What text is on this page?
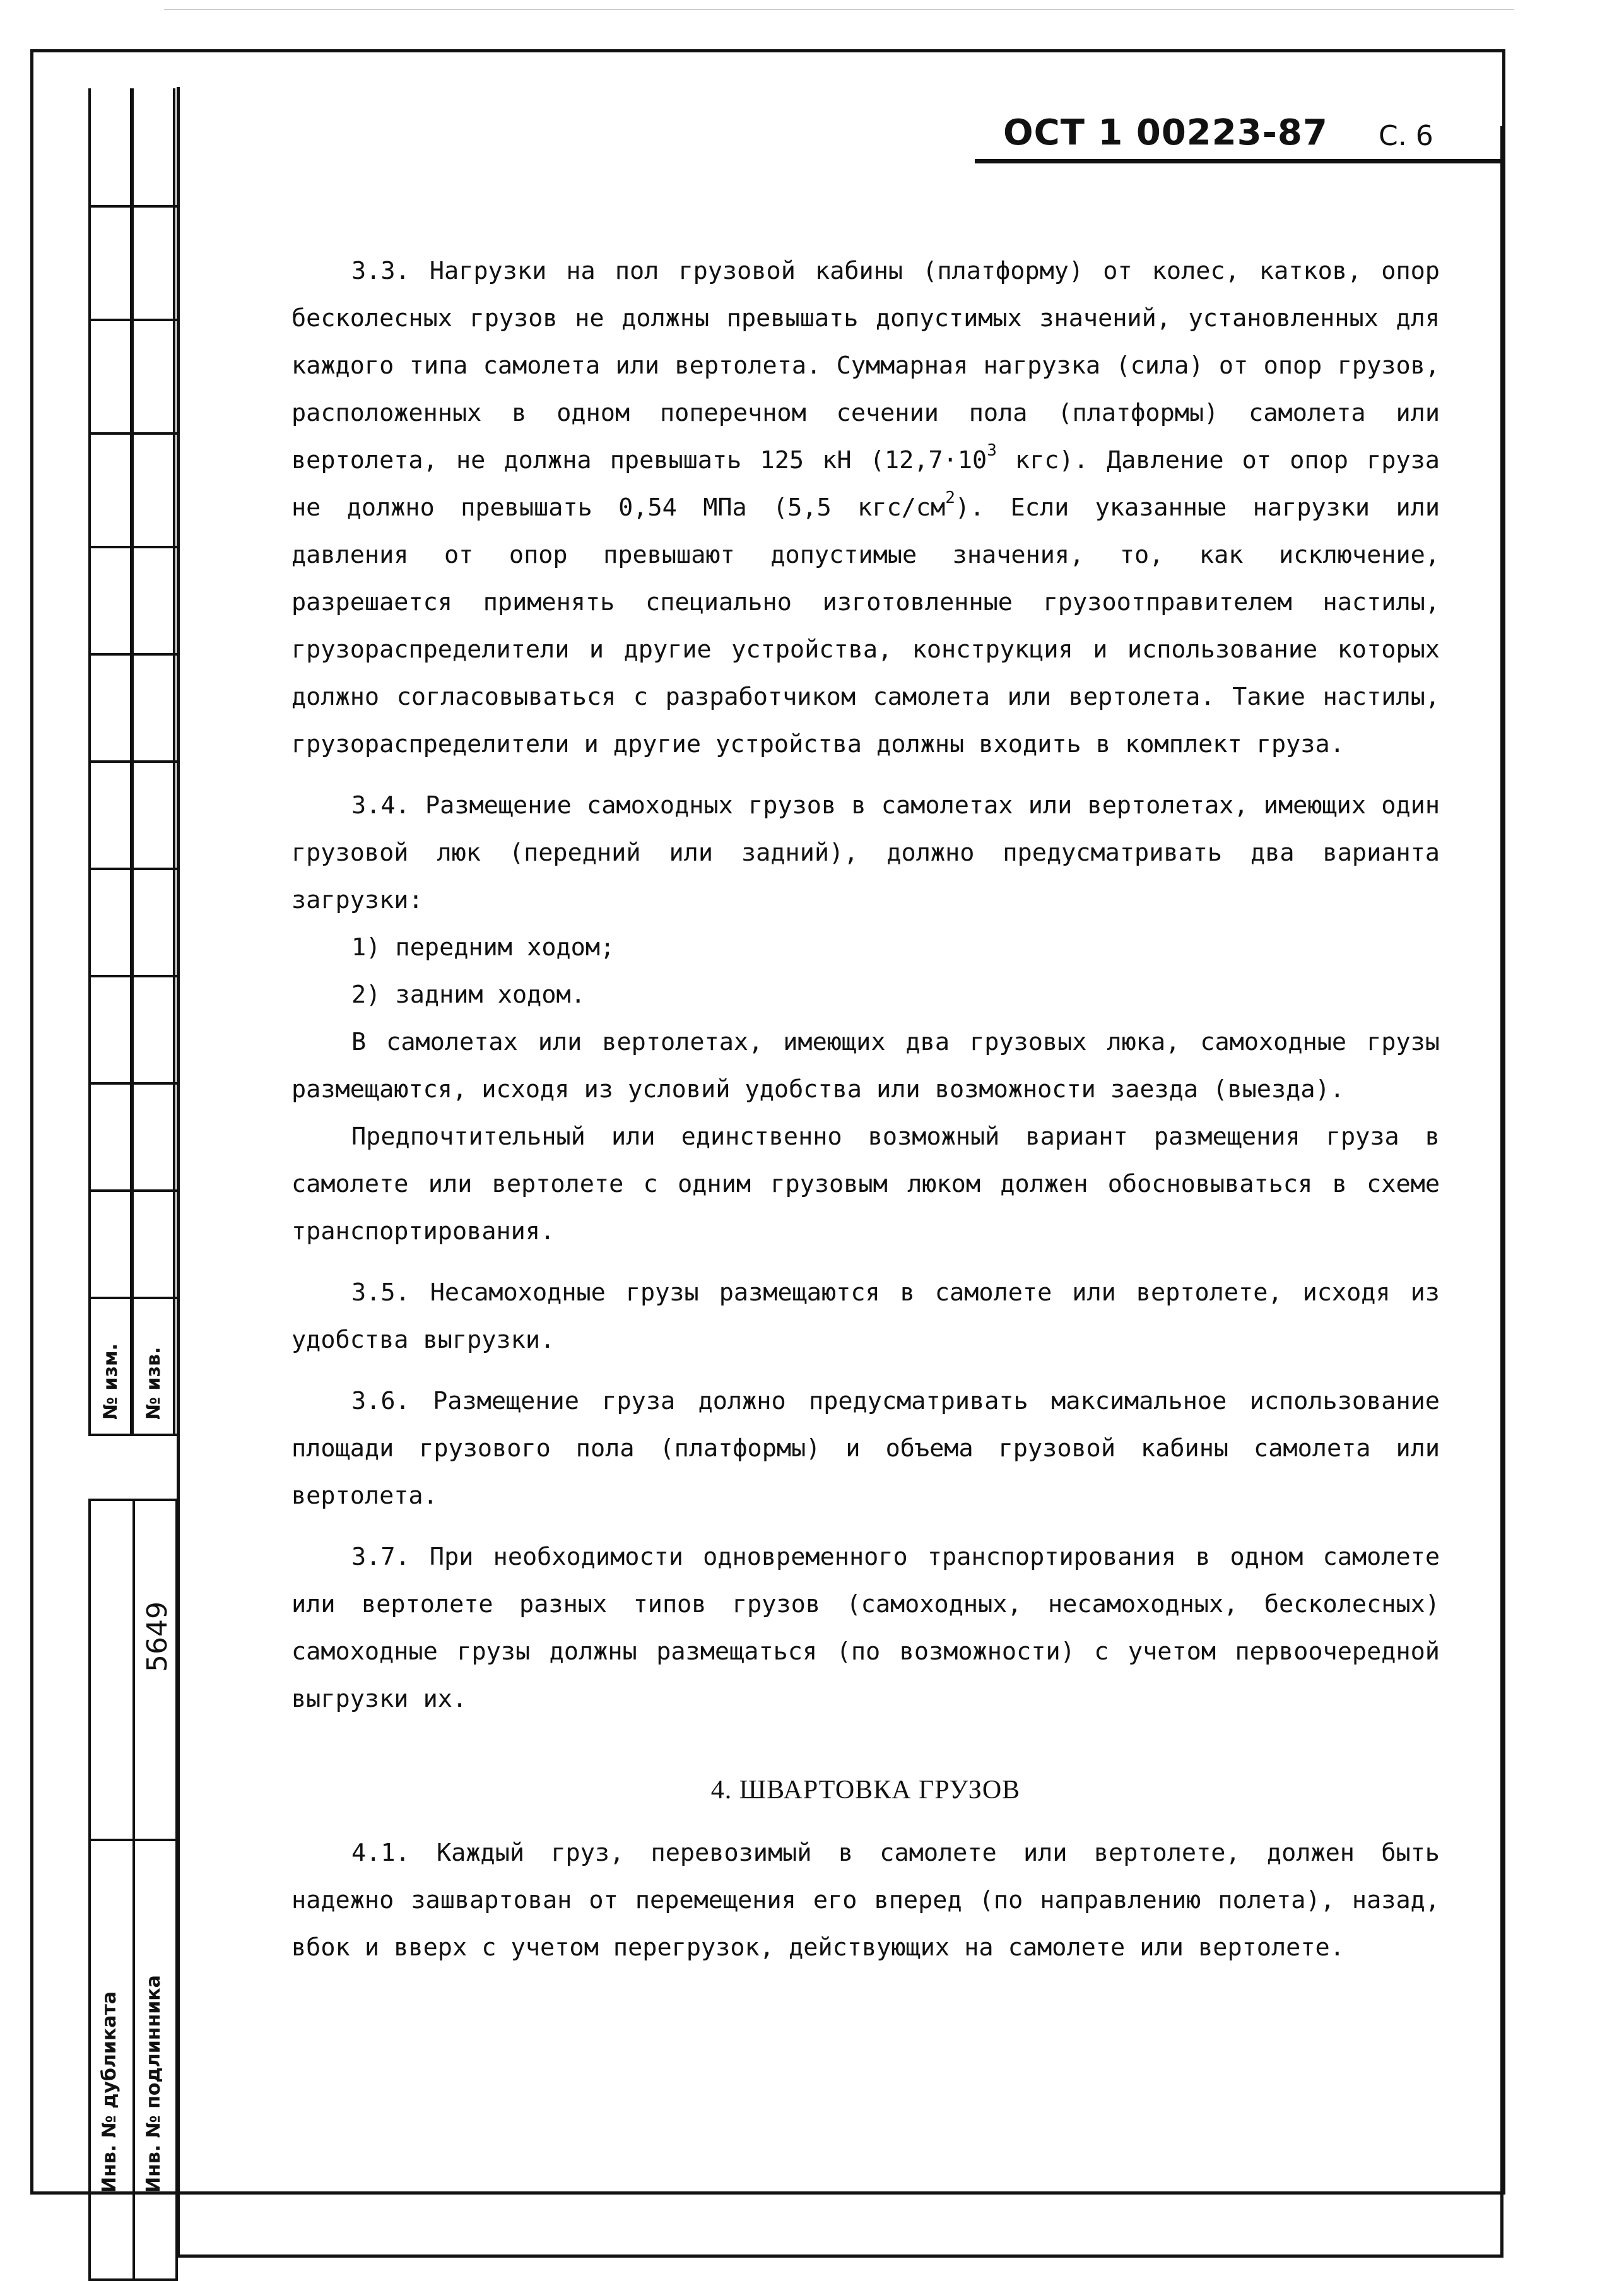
№ изм. № изв.
5649
Инв. № дубликата Инв. № подлинника
ОСТ 1 00223-87 С. 6

3.3. Нагрузки на пол грузовой кабины (платформу) от колес, катков, опор бесколесных грузов не должны превышать допустимых значений, установленных для каждого типа самолета или вертолета. Суммарная нагрузка (сила) от опор грузов, расположенных в одном поперечном сечении пола (платформы) самолета или вертолета, не должна превышать 125 кН ($12,7\cdot 10^3$ кгс). Давление от опор груза не должно превышать 0,54 МПа (5,5 кгс/$см^2$). Если указанные нагрузки или давления от опор превышают допустимые значения, то, как исключение, разрешается применять специально изготовленные грузоотправителем настилы, грузораспределители и другие устройства, конструкция и использование которых должно согласовываться с разработчиком самолета или вертолета. Такие настилы, грузораспределители и другие устройства должны входить в комплект груза.

3.4. Размещение самоходных грузов в самолетах или вертолетах, имеющих один грузовой люк (передний или задний), должно предусматривать два варианта загрузки:

1) передним ходом;

2) задним ходом.

В самолетах или вертолетах, имеющих два грузовых люка, самоходные грузы размещаются, исходя из условий удобства или возможности заезда (выезда).

Предпочтительный или единственно возможный вариант размещения груза в самолете или вертолете с одним грузовым люком должен обосновываться в схеме транспортирования.

3.5. Несамоходные грузы размещаются в самолете или вертолете, исходя из удобства выгрузки.

3.6. Размещение груза должно предусматривать максимальное использование площади грузового пола (платформы) и объема грузовой кабины самолета или вертолета.

3.7. При необходимости одновременного транспортирования в одном самолете или вертолете разных типов грузов (самоходных, несамоходных, бесколесных) самоходные грузы должны размещаться (по возможности) с учетом первоочередной выгрузки их.

4. ШВАРТОВКА ГРУЗОВ

4.1. Каждый груз, перевозимый в самолете или вертолете, должен быть надежно зашвартован от перемещения его вперед (по направлению полета), назад, вбок и вверх с учетом перегрузок, действующих на самолете или вертолете.
